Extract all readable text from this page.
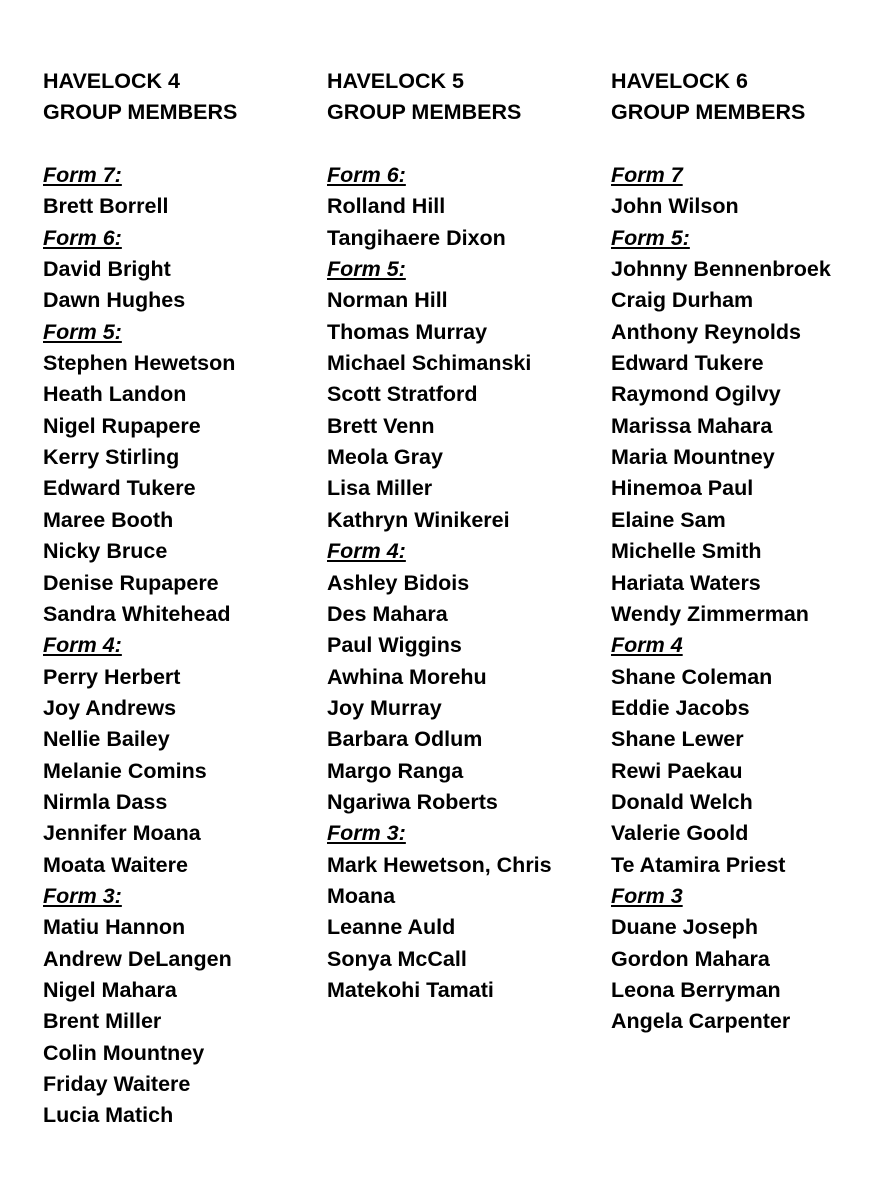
HAVELOCK 4
GROUP MEMBERS
Form 7:
Brett Borrell
Form 6:
David Bright
Dawn Hughes
Form 5:
Stephen Hewetson
Heath Landon
Nigel Rupapere
Kerry Stirling
Edward Tukere
Maree Booth
Nicky Bruce
Denise Rupapere
Sandra Whitehead
Form 4:
Perry Herbert
Joy Andrews
Nellie Bailey
Melanie Comins
Nirmla Dass
Jennifer Moana
Moata Waitere
Form 3:
Matiu Hannon
Andrew DeLangen
Nigel Mahara
Brent Miller
Colin Mountney
Friday Waitere
Lucia Matich
HAVELOCK 5
GROUP MEMBERS
Form 6:
Rolland Hill
Tangihaere Dixon
Form 5:
Norman Hill
Thomas Murray
Michael Schimanski
Scott Stratford
Brett Venn
Meola Gray
Lisa Miller
Kathryn Winikerei
Form 4:
Ashley Bidois
Des Mahara
Paul Wiggins
Awhina Morehu
Joy Murray
Barbara Odlum
Margo Ranga
Ngariwa Roberts
Form 3:
Mark Hewetson, Chris
Moana
Leanne Auld
Sonya McCall
Matekohi Tamati
HAVELOCK 6
GROUP MEMBERS
Form 7
John Wilson
Form 5:
Johnny Bennenbroek
Craig Durham
Anthony Reynolds
Edward Tukere
Raymond Ogilvy
Marissa Mahara
Maria Mountney
Hinemoa Paul
Elaine Sam
Michelle Smith
Hariata Waters
Wendy Zimmerman
Form 4
Shane Coleman
Eddie Jacobs
Shane Lewer
Rewi Paekau
Donald Welch
Valerie Goold
Te Atamira Priest
Form 3
Duane Joseph
Gordon Mahara
Leona Berryman
Angela Carpenter
